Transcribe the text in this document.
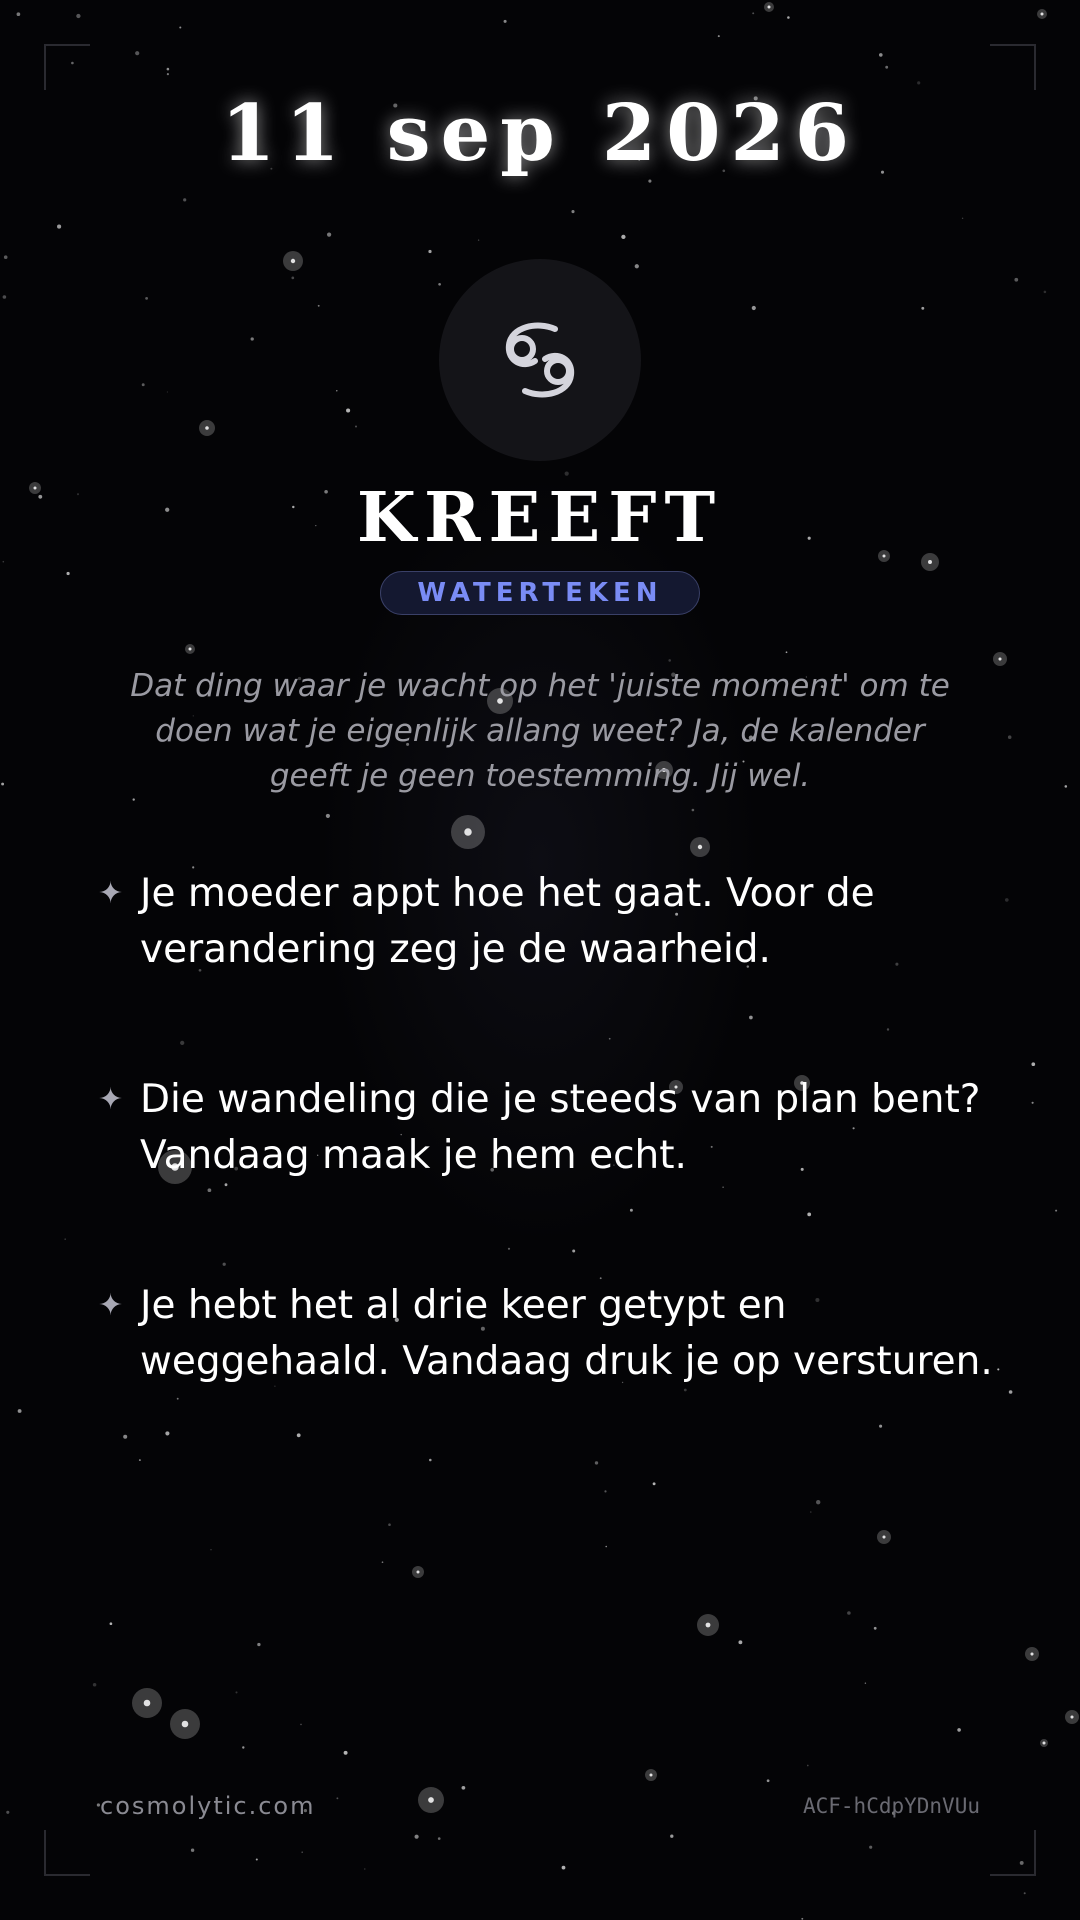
11 sep 2026
KREEFT
WATERTEKEN
Dat ding waar je wacht op het 'juiste moment' om te doen wat je eigenlijk allang weet? Ja, de kalender geeft je geen toestemming. Jij wel.
✦ Je moeder appt hoe het gaat. Voor de verandering zeg je de waarheid.
✦ Die wandeling die je steeds van plan bent? Vandaag maak je hem echt.
✦ Je hebt het al drie keer getypt en weggehaald. Vandaag druk je op versturen.
cosmolytic.com	ACF-hCdpYDnVUu
